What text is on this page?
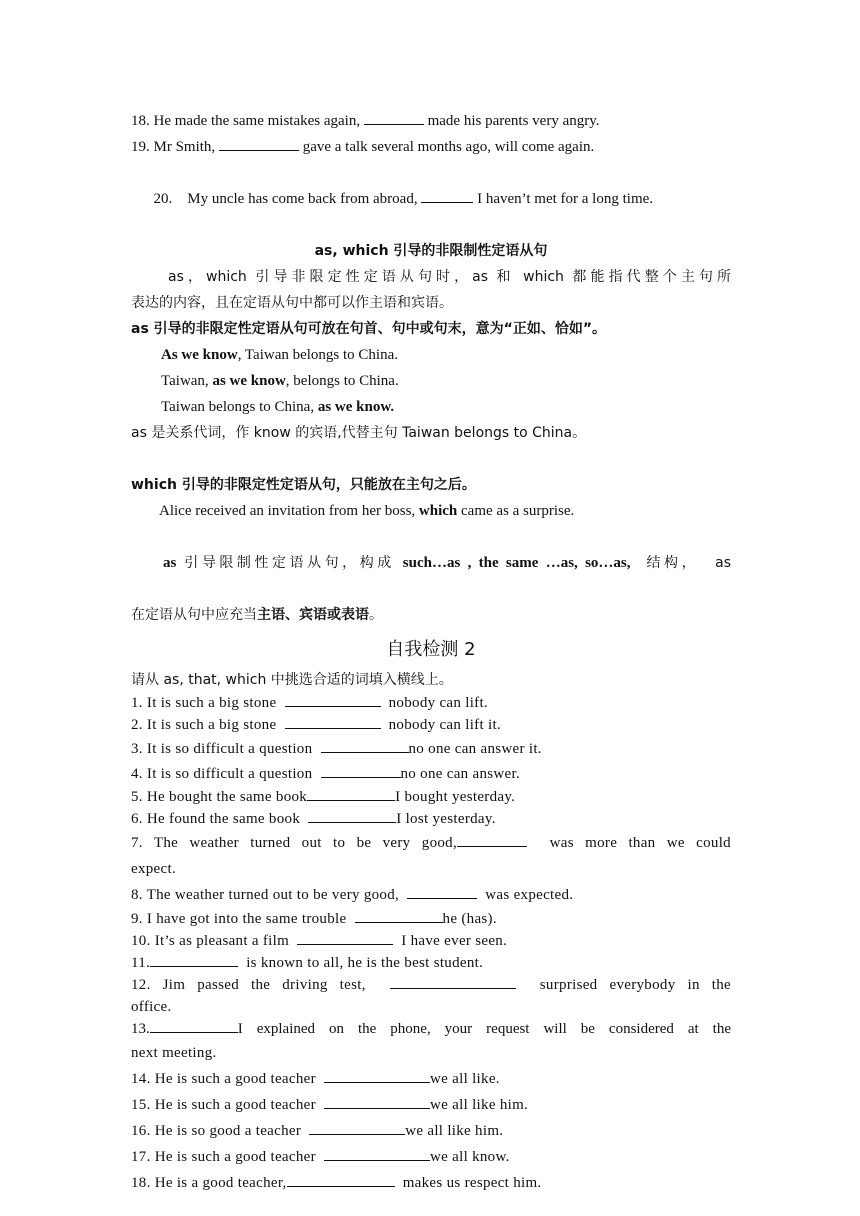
18. He made the same mistakes again,	made his parents very angry.
19. Mr Smith,	gave a talk several months ago, will come again.

20.    My uncle has come back from abroad,	I haven’t met for a long time.

as, which 引导的非限制性定语从句
as，which 引导非限定性定语从句时，as 和 which 都能指代整个主句所
表达的内容，且在定语从句中都可以作主语和宾语。
as 引导的非限定性定语从句可放在句首、句中或句末，意为“正如、恰如”。
As we know, Taiwan belongs to China.
Taiwan, as we know, belongs to China.
Taiwan belongs to China, as we know.
as 是关系代词，作 know 的宾语,代替主句 Taiwan belongs to China。
which 引导的非限定性定语从句，只能放在主句之后。
Alice received an invitation from her boss, which came as a surprise.

as 引导限制性定语从句，构成 such…as , the same …as, so…as,  结构，  as

在定语从句中应充当主语、宾语或表语。
自我检测 2
请从 as, that, which 中挑选合适的词填入横线上。
1. It is such a big stone	nobody can lift.
2. It is such a big stone	nobody can lift it.
3. It is so difficult a question	no one can answer it.
4. It is so difficult a question	no one can answer.
5. He bought the same book	I bought yesterday.
6. He found the same book	I lost yesterday.
7. The weather turned out to be very good,	was more than we could
expect.
8. The weather turned out to be very good,	was expected.
9. I have got into the same trouble	he (has).
10. It’s as pleasant a film	I have ever seen.
11.	is known to all, he is the best student.
12. Jim passed the driving test,	surprised everybody in the
office.
13.	I explained on the phone, your request will be considered at the
next meeting.
14. He is such a good teacher	we all like.
15. He is such a good teacher	we all like him.
16. He is so good a teacher	we all like him.
17. He is such a good teacher	we all know.
18. He is a good teacher,	makes us respect him.
